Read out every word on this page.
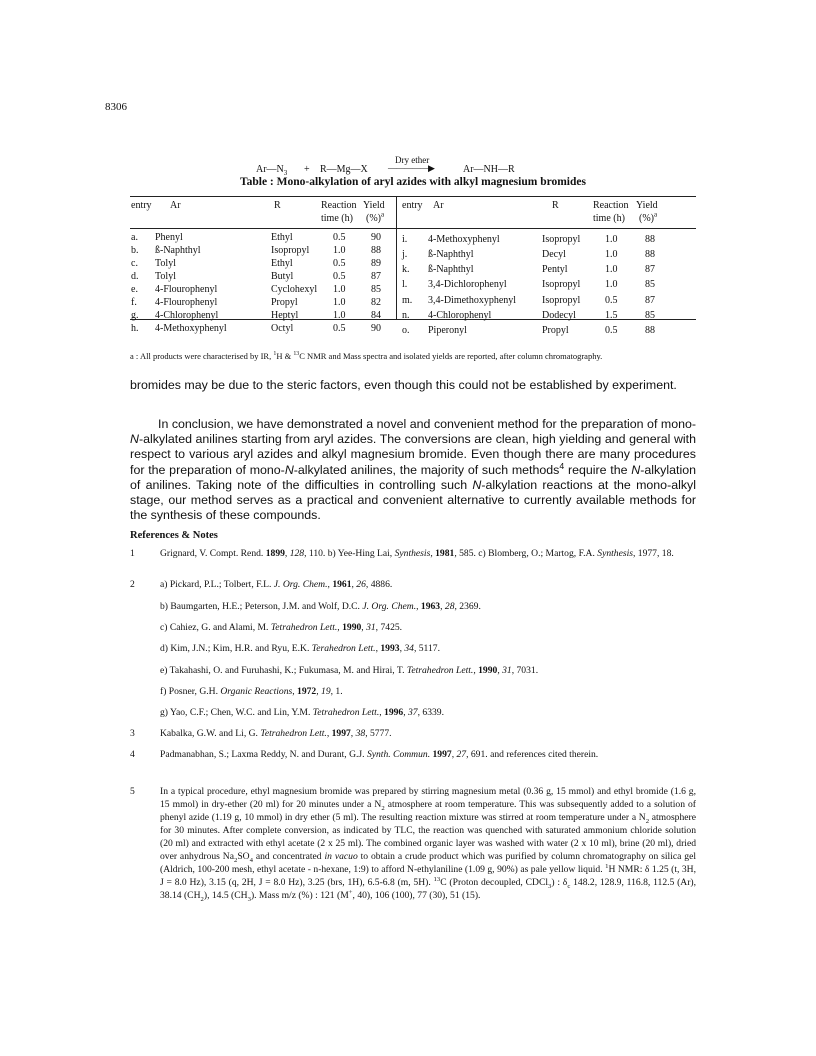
8306
$Ar—N_3$ + R—Mg—X
Dry ether
—————▶	Ar—NH—R
Table : Mono-alkylation of aryl azides with alkyl magnesium bromides
entry Ar	R	Reaction
time (h)
Yield
(%)$^a$
entry Ar	R	Reaction
time (h)
Yield
(%)$^a$
a. Phenyl	Ethyl	0.5	90
b. ß-Naphthyl	Isopropyl 1.0	88
c. Tolyl	Ethyl	0.5	89
d. Tolyl	Butyl	0.5	87
e. 4-Flourophenyl	Cyclohexyl 1.0	85
f. 4-Flourophenyl	Propyl	1.0	82
g. 4-Chlorophenyl	Heptyl	1.0	84
h. 4-Methoxyphenyl	Octyl	0.5	90
i. 4-Methoxyphenyl	Isopropyl 1.0	88
j. ß-Naphthyl	Decyl	1.0	88
k. ß-Naphthyl	Pentyl	1.0	87
l. 3,4-Dichlorophenyl	Isopropyl 1.0	85
m. 3,4-Dimethoxyphenyl	Isopropyl 0.5	87
n. 4-Chlorophenyl	Dodecyl	1.5	85
o. Piperonyl	Propyl	0.5	88
a : All products were characterised by IR, $^1$H & $^{13}$C NMR and Mass spectra and isolated yields are reported, after column chromatography.
bromides may be due to the steric factors, even though this could not be established by experiment.
In conclusion, we have demonstrated a novel and convenient method for the preparation of mono-N-alkylated anilines starting from aryl azides. The conversions are clean, high yielding and general with respect to various aryl azides and alkyl magnesium bromide. Even though there are many procedures for the preparation of mono-N-alkylated anilines, the majority of such methods$^4$ require the N-alkylation of anilines. Taking note of the difficulties in controlling such N-alkylation reactions at the mono-alkyl stage, our method serves as a practical and convenient alternative to currently available methods for the synthesis of these compounds.
References & Notes
1	Grignard, V. Compt. Rend. 1899, 128, 110. b) Yee-Hing Lai, Synthesis, 1981, 585. c) Blomberg, O.; Martog, F.A. Synthesis, 1977, 18.
2	a) Pickard, P.L.; Tolbert, F.L. J. Org. Chem., 1961, 26, 4886.
b) Baumgarten, H.E.; Peterson, J.M. and Wolf, D.C. J. Org. Chem., 1963, 28, 2369.
c) Cahiez, G. and Alami, M. Tetrahedron Lett., 1990, 31, 7425.
d) Kim, J.N.; Kim, H.R. and Ryu, E.K. Terahedron Lett., 1993, 34, 5117.
e) Takahashi, O. and Furuhashi, K.; Fukumasa, M. and Hirai, T. Tetrahedron Lett., 1990, 31, 7031.
f) Posner, G.H. Organic Reactions, 1972, 19, 1.
g) Yao, C.F.; Chen, W.C. and Lin, Y.M. Tetrahedron Lett., 1996, 37, 6339.
3	Kabalka, G.W. and Li, G. Tetrahedron Lett., 1997, 38, 5777.
4	Padmanabhan, S.; Laxma Reddy, N. and Durant, G.J. Synth. Commun. 1997, 27, 691. and references cited therein.
5	In a typical procedure, ethyl magnesium bromide was prepared by stirring magnesium metal (0.36 g, 15 mmol) and ethyl bromide (1.6 g, 15 mmol) in dry-ether (20 ml) for 20 minutes under a $N_2$ atmosphere at room temperature. This was subsequently added to a solution of phenyl azide (1.19 g, 10 mmol) in dry ether (5 ml). The resulting reaction mixture was stirred at room temperature under a $N_2$ atmosphere for 30 minutes. After complete conversion, as indicated by TLC, the reaction was quenched with saturated ammonium chloride solution (20 ml) and extracted with ethyl acetate (2 x 25 ml). The combined organic layer was washed with water (2 x 10 ml), brine (20 ml), dried over anhydrous $Na_2SO_4$ and concentrated in vacuo to obtain a crude product which was purified by column chromatography on silica gel (Aldrich, 100-200 mesh, ethyl acetate - n-hexane, 1:9) to afford N-ethylaniline (1.09 g, 90%) as pale yellow liquid. $^1$H NMR: δ 1.25 (t, 3H, J = 8.0 Hz), 3.15 (q, 2H, J = 8.0 Hz), 3.25 (brs, 1H), 6.5-6.8 (m, 5H). $^{13}$C (Proton decoupled, CDCl$_3$) : $\delta_c$ 148.2, 128.9, 116.8, 112.5 (Ar), 38.14 $(CH_2)$, 14.5 $(CH_3)$. Mass m/z (%) : 121 (M+, 40), 106 (100), 77 (30), 51 (15).
